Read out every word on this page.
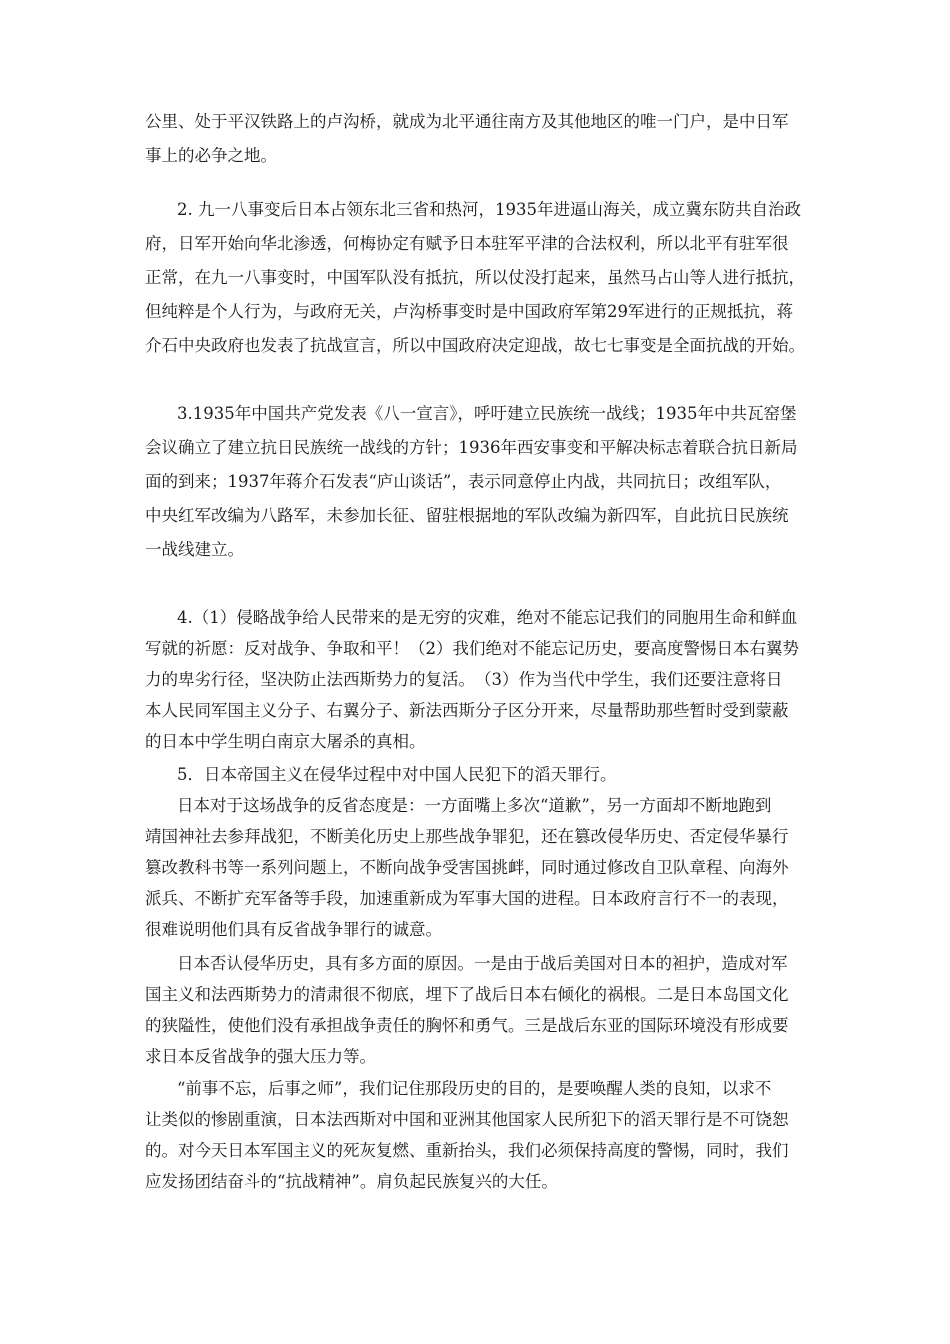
公里、处于平汉铁路上的卢沟桥，就成为北平通往南方及其他地区的唯一门户，是中日军
事上的必争之地。
2. 九一八事变后日本占领东北三省和热河，1935年进逼山海关，成立冀东防共自治政
府，日军开始向华北渗透，何梅协定有赋予日本驻军平津的合法权利，所以北平有驻军很
正常，在九一八事变时，中国军队没有抵抗，所以仗没打起来，虽然马占山等人进行抵抗，
但纯粹是个人行为，与政府无关，卢沟桥事变时是中国政府军第29军进行的正规抵抗，蒋
介石中央政府也发表了抗战宣言，所以中国政府决定迎战，故七七事变是全面抗战的开始。
3.1935年中国共产党发表《八一宣言》，呼吁建立民族统一战线；1935年中共瓦窑堡
会议确立了建立抗日民族统一战线的方针；1936年西安事变和平解决标志着联合抗日新局
面的到来；1937年蒋介石发表“庐山谈话”，表示同意停止内战，共同抗日；改组军队，
中央红军改编为八路军，未参加长征、留驻根据地的军队改编为新四军，自此抗日民族统
一战线建立。
4.（1）侵略战争给人民带来的是无穷的灾难，绝对不能忘记我们的同胞用生命和鲜血
写就的祈愿：反对战争、争取和平！（2）我们绝对不能忘记历史，要高度警惕日本右翼势
力的卑劣行径，坚决防止法西斯势力的复活。　（3）作为当代中学生，我们还要注意将日
本人民同军国主义分子、右翼分子、新法西斯分子区分开来，尽量帮助那些暂时受到蒙蔽
的日本中学生明白南京大屠杀的真相。
5．日本帝国主义在侵华过程中对中国人民犯下的滔天罪行。
日本对于这场战争的反省态度是：一方面嘴上多次“道歉”，另一方面却不断地跑到
靖国神社去参拜战犯，不断美化历史上那些战争罪犯，还在篡改侵华历史、否定侵华暴行
篡改教科书等一系列问题上，不断向战争受害国挑衅，同时通过修改自卫队章程、向海外
派兵、不断扩充军备等手段，加速重新成为军事大国的进程。日本政府言行不一的表现，
很难说明他们具有反省战争罪行的诚意。
日本否认侵华历史，具有多方面的原因。一是由于战后美国对日本的袒护，造成对军
国主义和法西斯势力的清肃很不彻底，埋下了战后日本右倾化的祸根。二是日本岛国文化
的狭隘性，使他们没有承担战争责任的胸怀和勇气。三是战后东亚的国际环境没有形成要
求日本反省战争的强大压力等。
“前事不忘，后事之师”，我们记住那段历史的目的，是要唤醒人类的良知，以求不
让类似的惨剧重演，日本法西斯对中国和亚洲其他国家人民所犯下的滔天罪行是不可饶恕
的。对今天日本军国主义的死灰复燃、重新抬头，我们必须保持高度的警惕，同时，我们
应发扬团结奋斗的“抗战精神”。肩负起民族复兴的大任。
